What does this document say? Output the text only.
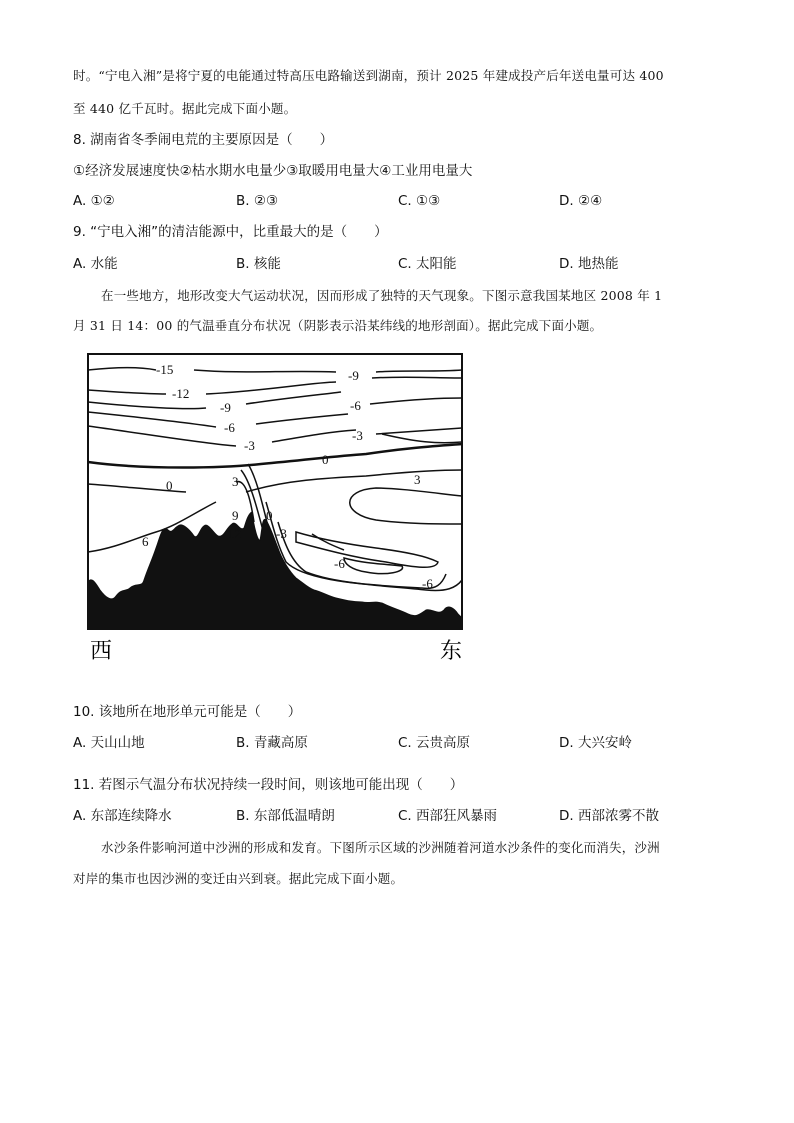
时。“宁电入湘”是将宁夏的电能通过特高压电路输送到湖南，预计 2025 年建成投产后年送电量可达 400
至 440 亿千瓦时。据此完成下面小题。
8. 湖南省冬季闹电荒的主要原因是（　　）
①经济发展速度快②枯水期水电量少③取暖用电量大④工业用电量大
A. ①②	B. ②③	C. ①③	D. ②④
9. “宁电入湘”的清洁能源中，比重最大的是（　　）
A. 水能	B. 核能	C. 太阳能	D. 地热能
在一些地方，地形改变大气运动状况，因而形成了独特的天气现象。下图示意我国某地区 2008 年 1
月 31 日 14：00 的气温垂直分布状况（阴影表示沿某纬线的地形剖面）。据此完成下面小题。
-15
-12
-9
-6
-3
0	3
6
9
12
-9
-6
-3
0
3
0
-3
-6
-6
西	东
10. 该地所在地形单元可能是（　　）
A. 天山山地	B. 青藏高原	C. 云贵高原	D. 大兴安岭
11. 若图示气温分布状况持续一段时间，则该地可能出现（　　）
A. 东部连续降水	B. 东部低温晴朗	C. 西部狂风暴雨	D. 西部浓雾不散
水沙条件影响河道中沙洲的形成和发育。下图所示区域的沙洲随着河道水沙条件的变化而消失，沙洲
对岸的集市也因沙洲的变迁由兴到衰。据此完成下面小题。
